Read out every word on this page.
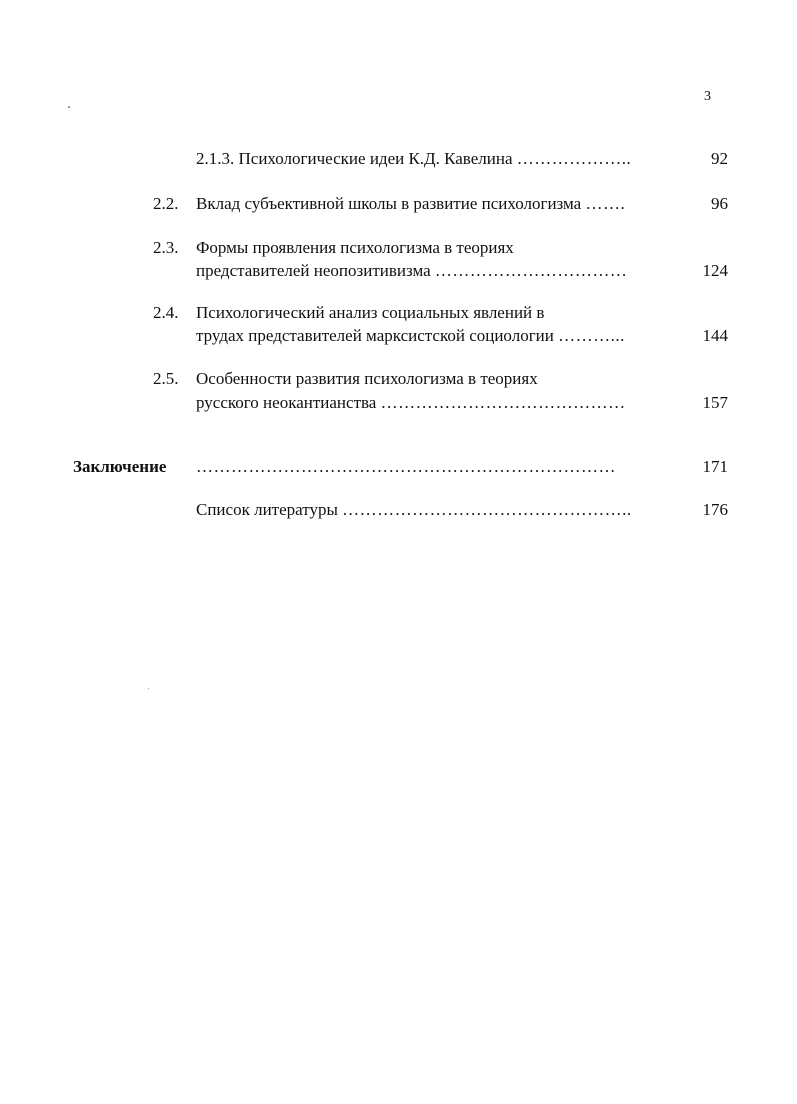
3
2.1.3. Психологические идеи К.Д. Кавелина ………………..	92
2.2. Вклад субъективной школы в развитие психологизма …….	96
2.3. Формы проявления психологизма в теориях
представителей неопозитивизма ……………………………	124
2.4. Психологический анализ социальных явлений в
трудах представителей марксистской социологии ………...	144
2.5. Особенности развития психологизма в теориях
русского неокантианства ……………………………………	157
Заключение ………………………………………………………………	171
Список литературы …………………………………………..	176
